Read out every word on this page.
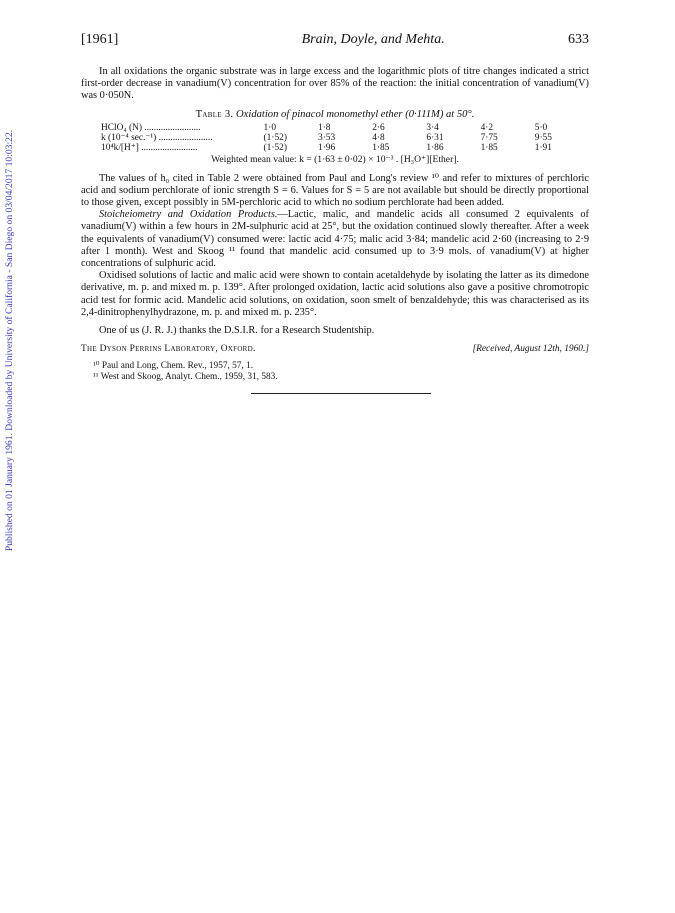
Published on 01 January 1961. Downloaded by University of California - San Diego on 03/04/2017 10:03:22.
[1961]	Brain, Doyle, and Mehta.	633

In all oxidations the organic substrate was in large excess and the logarithmic plots of titre changes indicated a strict first-order decrease in vanadium(V) concentration for over 85% of the reaction: the initial concentration of vanadium(V) was 0·050N.

Table 3. Oxidation of pinacol monomethyl ether (0·111M) at 50°.
HClO₄ (N) ........................	1·0	1·8	2·6	3·4	4·2	5·0
k (10⁻⁴ sec.⁻¹) .......................	(1·52)	3·53	4·8	6·31	7·75	9·55
10⁴k/[H⁺] ........................	(1·52)	1·96	1·85	1·86	1·85	1·91
Weighted mean value: k = (1·63 ± 0·02) × 10⁻³ . [H₃O⁺][Ether].

The values of h₀ cited in Table 2 were obtained from Paul and Long's review ¹⁰ and refer to mixtures of perchloric acid and sodium perchlorate of ionic strength S = 6. Values for S = 5 are not available but should be directly proportional to those given, except possibly in 5M-perchloric acid to which no sodium perchlorate had been added.

Stoicheiometry and Oxidation Products.—Lactic, malic, and mandelic acids all consumed 2 equivalents of vanadium(V) within a few hours in 2M-sulphuric acid at 25°, but the oxidation continued slowly thereafter. After a week the equivalents of vanadium(V) consumed were: lactic acid 4·75; malic acid 3·84; mandelic acid 2·60 (increasing to 2·9 after 1 month). West and Skoog ¹¹ found that mandelic acid consumed up to 3·9 mols. of vanadium(V) at higher concentrations of sulphuric acid.

Oxidised solutions of lactic and malic acid were shown to contain acetaldehyde by isolating the latter as its dimedone derivative, m. p. and mixed m. p. 139°. After prolonged oxidation, lactic acid solutions also gave a positive chromotropic acid test for formic acid. Mandelic acid solutions, on oxidation, soon smelt of benzaldehyde; this was characterised as its 2,4-dinitrophenylhydrazone, m. p. and mixed m. p. 235°.

One of us (J. R. J.) thanks the D.S.I.R. for a Research Studentship.

The Dyson Perrins Laboratory, Oxford.	[Received, August 12th, 1960.]
¹⁰ Paul and Long, Chem. Rev., 1957, 57, 1.
¹¹ West and Skoog, Analyt. Chem., 1959, 31, 583.
